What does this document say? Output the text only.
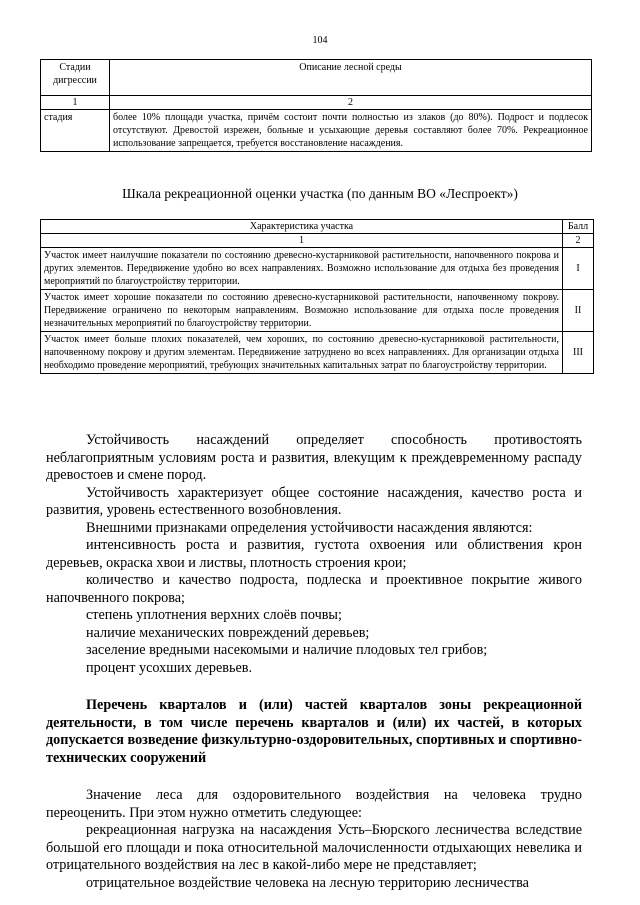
104
Стадии дигрессии	Описание лесной среды
1	2
стадия	более 10% площади участка, причём состоит почти полностью из злаков (до 80%). Подрост и подлесок отсутствуют. Древостой изрежен, больные и усыхающие деревья составляют более 70%. Рекреационное использование запрещается, требуется восстановление насаждения.
Шкала рекреационной оценки участка (по данным ВО «Леспроект»)
Характеристика участка	Балл
1	2
Участок имеет наилучшие показатели по состоянию древесно-кустарниковой растительности, напочвенного покрова и других элементов. Передвижение удобно во всех направлениях. Возможно использование для отдыха без проведения мероприятий по благоустройству территории.	I
Участок имеет хорошие показатели по состоянию древесно-кустарниковой растительности, напочвенному покрову. Передвижение ограничено по некоторым направлениям. Возможно использование для отдыха после проведения незначительных мероприятий по благоустройству территории.	II
Участок имеет больше плохих показателей, чем хороших, по состоянию древесно-кустарниковой растительности, напочвенному покрову и другим элементам. Передвижение затруднено во всех направлениях. Для организации отдыха необходимо проведение мероприятий, требующих значительных капитальных затрат по благоустройству территории.	III

Устойчивость насаждений определяет способность противостоять неблагоприятным условиям роста и развития, влекущим к преждевременному распаду древостоев и смене пород.

Устойчивость характеризует общее состояние насаждения, качество роста и развития, уровень естественного возобновления.

Внешними признаками определения устойчивости насаждения являются:

интенсивность роста и развития, густота охвоения или облиствения крон деревьев, окраска хвои и листвы, плотность строения крои;

количество и качество подроста, подлеска и проективное покрытие живого напочвенного покрова;

степень уплотнения верхних слоёв почвы;

наличие механических повреждений деревьев;

заселение вредными насекомыми и наличие плодовых тел грибов;

процент усохших деревьев.

Перечень кварталов и (или) частей кварталов зоны рекреационной деятельности, в том числе перечень кварталов и (или) их частей, в которых допускается возведение физкультурно-оздоровительных, спортивных и спортивно-технических сооружений

Значение леса для оздоровительного воздействия на человека трудно переоценить. При этом нужно отметить следующее:

рекреационная нагрузка на насаждения Усть–Бюрского лесничества вследствие большой его площади и пока относительной малочисленности отдыхающих невелика и отрицательного воздействия на лес в какой-либо мере не представляет;

отрицательное воздействие человека на лесную территорию лесничества
